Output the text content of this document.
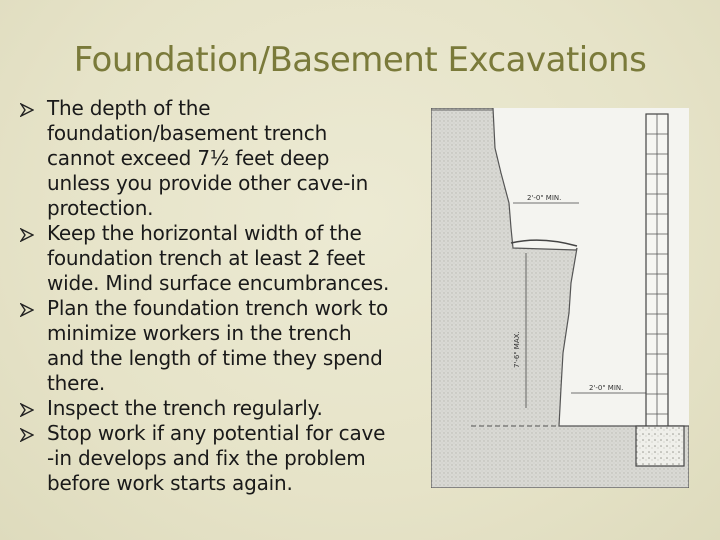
Foundation/Basement Excavations
The depth of the
foundation/basement trench
cannot exceed 7½ feet deep
unless you provide other cave-in
protection.
Keep the horizontal width of the
foundation trench at least 2 feet
wide. Mind surface encumbrances.
Plan the foundation trench work to
minimize workers in the trench
and the length of time they spend
there.
Inspect the trench regularly.
Stop work if any potential for cave
-in develops and fix the problem
before work starts again.
2'-0" MIN.
7'-6" MAX.
2'-0" MIN.
